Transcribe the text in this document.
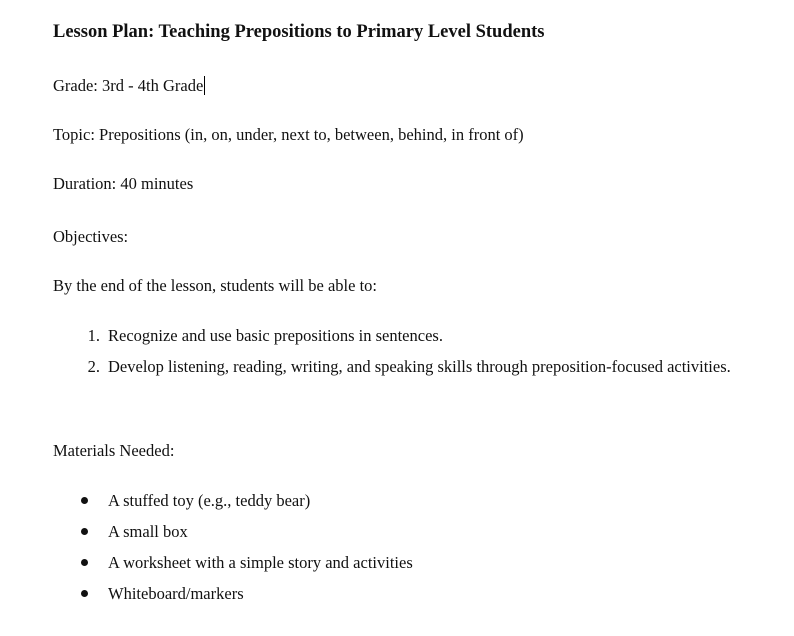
Lesson Plan: Teaching Prepositions to Primary Level Students

Grade: 3rd - 4th Grade

Topic: Prepositions (in, on, under, next to, between, behind, in front of)

Duration: 40 minutes

Objectives:

By the end of the lesson, students will be able to:

1. Recognize and use basic prepositions in sentences.
2. Develop listening, reading, writing, and speaking skills through preposition-focused activities.

Materials Needed:

A stuffed toy (e.g., teddy bear)
A small box
A worksheet with a simple story and activities
Whiteboard/markers
